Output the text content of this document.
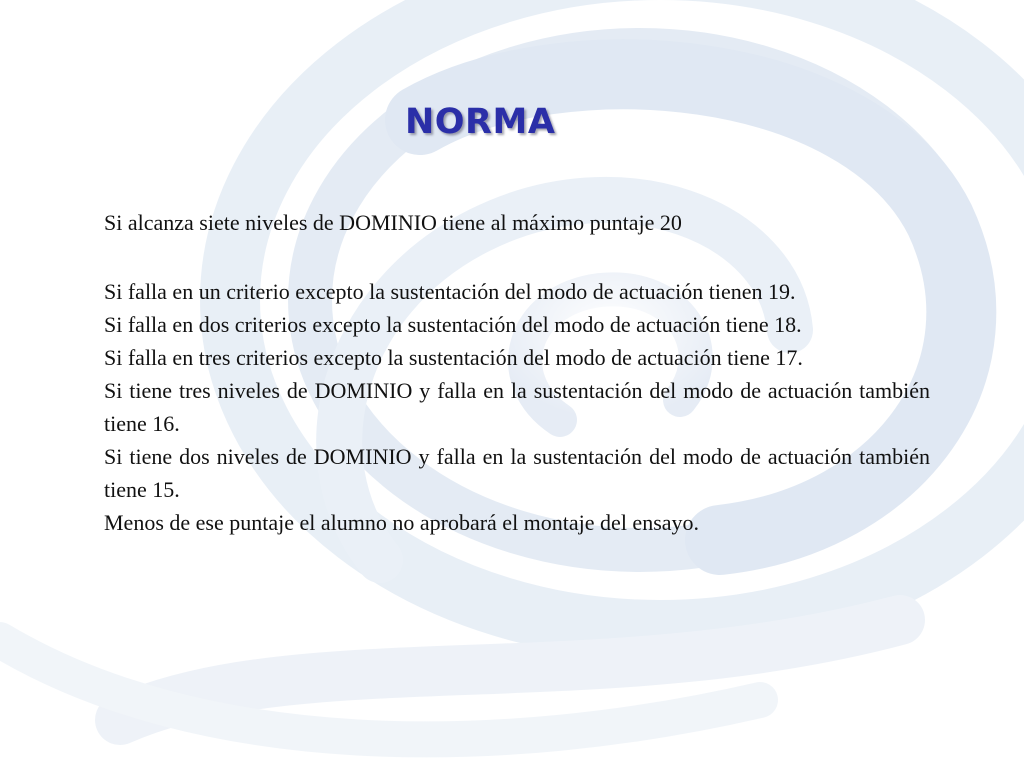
NORMA

Si alcanza siete niveles de DOMINIO tiene al máximo puntaje 20

Si falla en un criterio excepto la sustentación del modo de actuación tienen 19.

Si falla en dos criterios excepto la sustentación del modo de actuación tiene 18.

Si falla en tres criterios excepto la sustentación del modo de actuación tiene 17.

Si tiene tres niveles de DOMINIO y falla en la sustentación del modo de actuación también tiene 16.

Si tiene dos niveles de DOMINIO y falla en la sustentación del modo de actuación también tiene 15.

Menos de ese puntaje el alumno no aprobará el montaje del ensayo.
